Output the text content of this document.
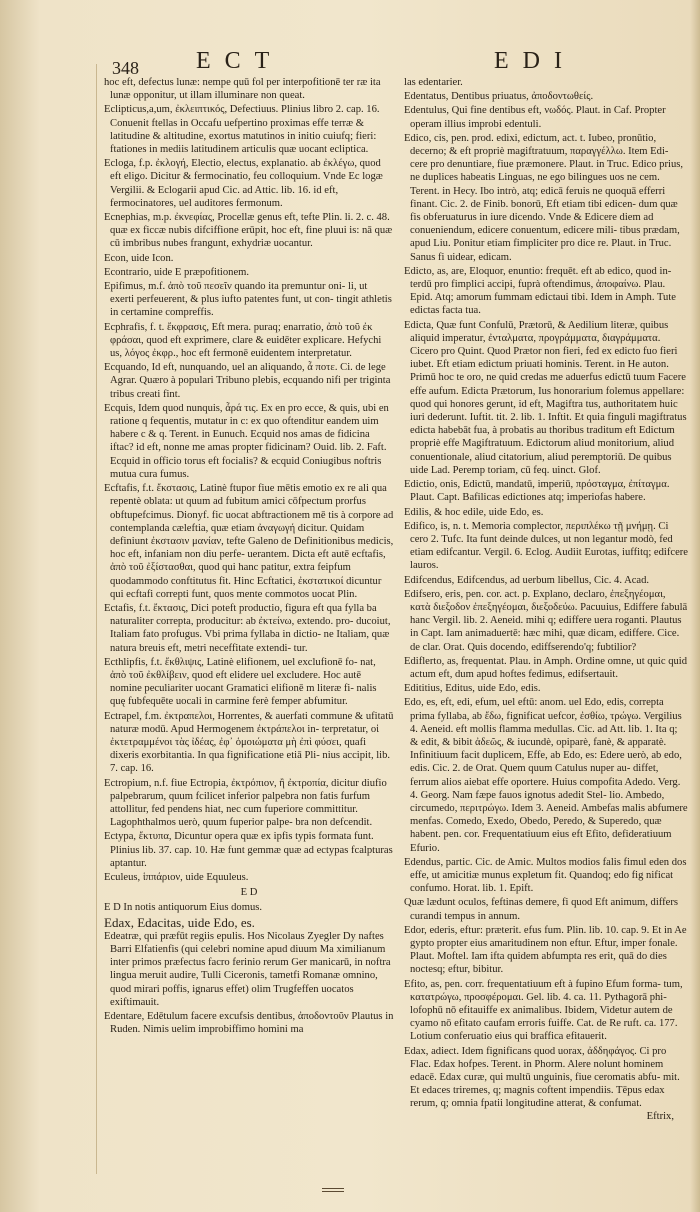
348 ECT	EDI

hoc eft, defectus lunæ: nempe quū fol per interpofitionē ter ræ ita lunæ opponitur, ut illam illuminare non queat.

Eclipticus,a,um, ἐκλειπτικός, Defectiuus. Plinius libro 2. cap. 16. Conuenit ftellas in Occafu uefpertino proximas effe terræ & latitudine & altitudine, exortus matutinos in initio cuiufq; fieri: ftationes in mediis latitudinem articulis quæ uocant ecliptica.

Ecloga, f.p. ἐκλογή, Electio, electus, explanatio. ab ἐκλέγω, quod eft eligo. Dicitur & fermocinatio, feu colloquium. Vnde Ec logæ Vergilii. & Eclogarii apud Cic. ad Attic. lib. 16. id eft, fermocinatores, uel auditores fermonum.

Ecnephias, m.p. ἐκνεφίας, Procellæ genus eft, tefte Plin. li. 2. c. 48. quæ ex ficcæ nubis difciffione erūpit, hoc eft, fine pluui is: nā quæ cū imbribus nubes frangunt, exhydriæ uocantur.

Econ, uide Icon.

Econtrario, uide E præpofitionem.

Epifimus, m.f. ἀπὸ τοῦ πεσεῖν quando ita premuntur oni- li, ut exerti perfeuerent, & plus iufto patentes funt, ut con- tingit athletis in certamine compreffis.

Ecphrafis, f. t. ἔκφρασις, Eft mera. puraq; enarratio, ἀπὸ τοῦ ἐκ φράσαι, quod eft exprimere, clare & euidēter explicare. Hefychi us, λόγος ἐκφρ., hoc eft fermonē euidentem interpretatur.

Ecquando, Id eft, nunquando, uel an aliquando, ἆ ποτε. Ci. de lege Agrar. Quæro à populari Tribuno plebis, ecquando nifi per triginta tribus creati fint.

Ecquis, Idem quod nunquis, ἆρά τις. Ex en pro ecce, & quis, ubi en ratione q fequentis, mutatur in c: ex quo oftenditur eandem uim habere c & q. Terent. in Eunuch. Ecquid nos amas de fidicina iftac? id eft, nonne me amas propter fidicinam? Ouid. lib. 2. Faft. Ecquid in officio torus eft focialis? & ecquid Coniugibus noftris mutua cura fumus.

Ecftafis, f.t. ἔκστασις, Latinè ftupor fiue mētis emotio ex re ali qua repentè oblata: ut quum ad fubitum amici cōfpectum prorfus obftupefcimus. Dionyf. fic uocat abftractionem mē tis à corpore ad contemplanda cæleftia, quæ etiam ἀναγωγή dicitur. Quidam definiunt ἐκστασιν μανίαν, tefte Galeno de Definitionibus medicis, hoc eft, infaniam non diu perfe- uerantem. Dicta eft autē ecftafis, ἀπὸ τοῦ ἐξίστασθαι, quod qui hanc patitur, extra feipfum quodammodo conftitutus fit. Hinc Ecftatici, ἐκστατικοί dicuntur qui ecftafi correpti funt, quos mente commotos uocat Plin.

Ectafis, f.t. ἔκτασις, Dici poteft productio, figura eft qua fylla ba naturaliter correpta, producitur: ab ἐκτείνω, extendo. pro- ducoiut, Italiam fato profugus. Vbi prima fyllaba in dictio- ne Italiam, quæ natura breuis eft, metri neceffitate extendi- tur.

Ecthlipfis, f.t. ἔκθλιψις, Latinè elifionem, uel exclufionē fo- nat, ἀπὸ τοῦ ἐκθλίβειν, quod eft elidere uel excludere. Hoc autē nomine peculiariter uocant Gramatici elifionē m literæ fi- nalis quę fubfequēte uocali in carmine ferè femper abfumitur.

Ectrapel, f.m. ἐκτραπελοι, Horrentes, & auerfati commune & ufitatū naturæ modū. Apud Hermogenem ἐκτράπελοι in- terpretatur, οἱ ἐκτετραμμένοι τὰς ἰδέας, ἐφ᾽ ὁμοιώματα μὴ ἐπὶ φύσει, quafi dixeris exorbitantia. In qua fignificatione etiā Pli- nius accipit, lib. 7. cap. 16.

Ectropium, n.f. fiue Ectropia, ἐκτρόπιον, ἢ ἐκτροπία, dicitur diufio palpebrarum, quum fcilicet inferior palpebra non fatis furfum attollitur, fed pendens hiat, nec cum fuperiore committitur. Lagophthalmos uerò, quum fuperior palpe- bra non defcendit.

Ectypa, ἔκτυπα, Dicuntur opera quæ ex ipfis typis formata funt. Plinius lib. 37. cap. 10. Hæ funt gemmæ quæ ad ectypas fcalpturas aptantur.

Eculeus, ἱππάριον, uide Equuleus.

E D

E D In notis antiquorum Eius domus.

Edax, Edacitas, uide Edo, es.

Edeatræ, qui præfūt regiis epulis. Hos Nicolaus Zyegler Dy naftes Barri Elfatienfis (qui celebri nomine apud diuum Ma ximilianum inter primos præfectus facro ferinio rerum Ger manicarū, in noftra lingua meruit audire, Tulli Ciceronis, tametfi Romanæ omnino, quod mirari poffis, ignarus effet) olim Trugfeffen uocatos exiftimauit.

Edentare, Edētulum facere excufsis dentibus, ἀποδοντοῦν Plautus in Ruden. Nimis uelim improbiffimo homini ma

las edentarier.

Edentatus, Dentibus priuatus, ἀποδοντωθείς.

Edentulus, Qui fine dentibus eft, νωδός. Plaut. in Caf. Propter operam illius improbi edentuli.

Edico, cis, pen. prod. edixi, edictum, act. t. Iubeo, pronūtio, decerno; & eft propriè magiftratuum, παραγγέλλω. Item Edi- cere pro denuntiare, fiue præmonere. Plaut. in Truc. Edico prius, ne duplices habeatis Linguas, ne ego bilingues uos ne cem. Terent. in Hecy. Ibo intrò, atq; edicā feruis ne quoquā efferri finant. Cic. 2. de Finib. bonorū, Eft etiam tibi edicen- dum quæ fis obferuaturus in iure dicendo. Vnde & Edicere diem ad conueniendum, edicere conuentum, edicere mili- tibus prædam, apud Liu. Ponitur etiam fimpliciter pro dice re. Plaut. in Truc. Sanus fi uidear, edicam.

Edicto, as, are, Eloquor, enuntio: frequēt. eft ab edico, quod in- terdū pro fimplici accipi, fuprà oftendimus, ἀποφαίνω. Plau. Epid. Atq; amorum fummam edictaui tibi. Idem in Amph. Tute edictas facta tua.

Edicta, Quæ funt Confulū, Prætorū, & Aedilium literæ, quibus aliquid imperatur, ἐνταλματα, προγράμματα, διαγράμματα. Cicero pro Quint. Quod Prætor non fieri, fed ex edicto fuo fieri iubet. Eft etiam edictum priuati hominis. Terent. in He auton. Primū hoc te oro, ne quid credas me aduerfus edictū tuum Facere effe aufum. Edicta Prætorum, Ius honorarium folemus appellare: quod qui honores gerunt, id eft, Magiftra tus, authoritatem huic iuri dederunt. Iuftit. tit. 2. lib. 1. Inftit. Et quia finguli magiftratus edicta habebāt fua, à probatis au thoribus traditum eft Edictum propriè effe Magiftratuum. Edictorum aliud monitorium, aliud conuentionale, aliud citatorium, aliud peremptoriū. De quibus uide Lad. Peremp toriam, cū feq. uinct. Glof.

Edictio, onis, Edictū, mandatū, imperiū, πρόσταγμα, ἐπίταγμα. Plaut. Capt. Bafilicas edictiones atq; imperiofas habere.

Edilis, & hoc edile, uide Edo, es.

Edifico, is, n. t. Memoria complector, περιπλέκω τῇ μνήμῃ. Ci cero 2. Tufc. Ita funt deinde dulces, ut non legantur modò, fed etiam edifcantur. Vergil. 6. Eclog. Audiit Eurotas, iuffitq; edifcere lauros.

Edifcendus, Edifcendus, ad uerbum libellus, Cic. 4. Acad.

Edifsero, eris, pen. cor. act. p. Explano, declaro, ἐπεξηγέομαι, κατὰ διεξοδον ἐπεξηγέομαι, διεξοδεύω. Pacuuius, Ediffere fabulā hanc Vergil. lib. 2. Aeneid. mihi q; ediffere uera roganti. Plautus in Capt. Iam animaduertē: hæc mihi, quæ dicam, ediffere. Cice. de clar. Orat. Quis docendo, ediffserendo'q; fubtilior?

Ediflerto, as, frequentat. Plau. in Amph. Ordine omne, ut quic quid actum eft, dum apud hoftes fedimus, edifsertauit.

Edititius, Editus, uide Edo, edis.

Edo, es, eft, edi, efum, uel eftū: anom. uel Edo, edis, correpta prima fyllaba, ab ἔδω, fignificat uefcor, ἐσθίω, τρώγω. Vergilius 4. Aeneid. eft mollis flamma medullas. Cic. ad Att. lib. 1. Ita q; & edit, & bibit ἀδεῶς, & iucundè, opiparè, fanè, & apparatè. Infinitiuum facit duplicem, Effe, ab Edo, es: Edere uerò, ab edo, edis. Cic. 2. de Orat. Quem quum Catulus nuper au- diffet, ferrum alios aiebat effe oportere. Huius compofita Adedo. Verg. 4. Georg. Nam fæpe fauos ignotus adedit Stel- lio. Ambedo, circumedo, περιτρώγω. Idem 3. Aeneid. Ambefas malis abfumere menfas. Comedo, Exedo, Obedo, Peredo, & Superedo, quæ habent. pen. cor. Frequentatiuum eius eft Efito, defideratiuum Efurio.

Edendus, partic. Cic. de Amic. Multos modios falis fimul eden dos effe, ut amicitiæ munus expletum fit. Quandoq; edo fig nificat confumo. Horat. lib. 1. Epift.

Quæ lædunt oculos, feftinas demere, fi quod Eft animum, differs curandi tempus in annum.

Edor, ederis, eftur: præterit. efus fum. Plin. lib. 10. cap. 9. Et in Ae gypto propter eius amaritudinem non eftur. Eftur, imper fonale. Plaut. Moftel. Iam ifta quidem abfumpta res erit, quā do dies noctesq; eftur, bibitur.

Efito, as, pen. corr. frequentatiuum eft à fupino Efum forma- tum, κατατρώγω, προσφέρομαι. Gel. lib. 4. ca. 11. Pythagorā phi- lofophū nō efitauiffe ex animalibus. Ibidem, Videtur autem de cyamo nō efitato caufam erroris fuiffe. Cat. de Re ruft. ca. 177. Lotium conferuatio eius qui braffica efitauerit.

Edax, adiect. Idem fignificans quod uorax, ἀδδηφάγος. Ci pro Flac. Edax hofpes. Terent. in Phorm. Alere nolunt hominem edacē. Edax curæ, qui multū unguinis, fiue ceromatis abfu- mit. Et edaces triremes, q; magnis coftent impendiis. Tēpus edax rerum, q; omnia fpatii longitudine atterat, & confumat.

Eftrix,
